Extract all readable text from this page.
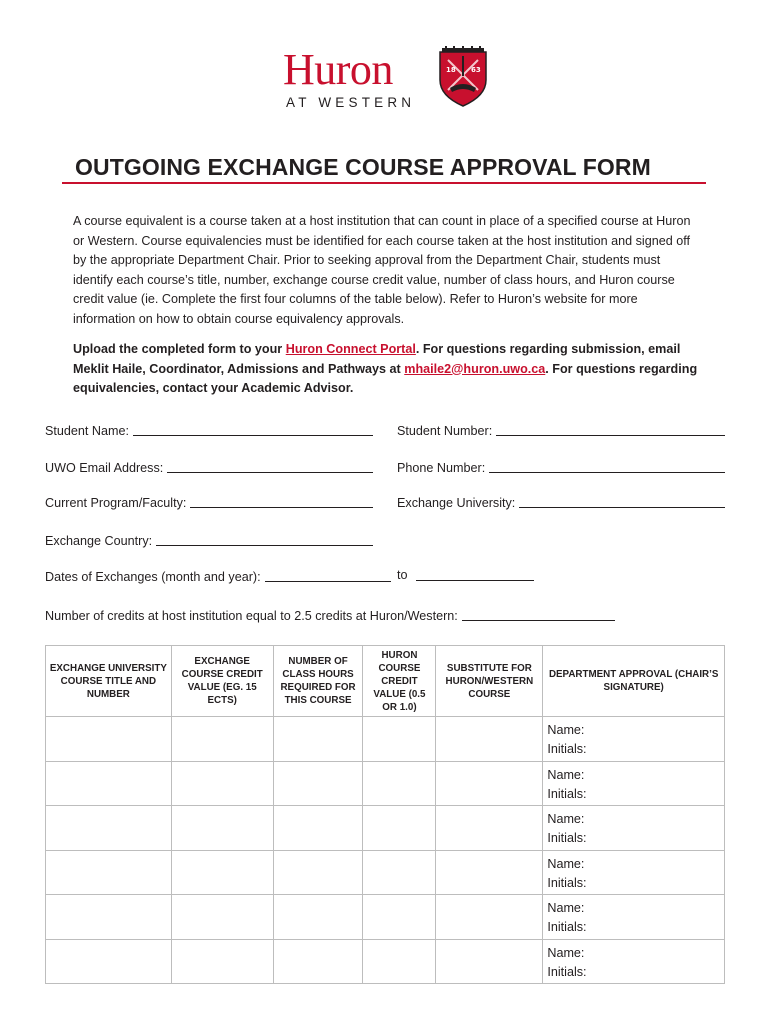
Huron
AT WESTERN
18 63
OUTGOING EXCHANGE COURSE APPROVAL FORM

A course equivalent is a course taken at a host institution that can count in place of a specified course at Huron or Western. Course equivalencies must be identified for each course taken at the host institution and signed off by the appropriate Department Chair. Prior to seeking approval from the Department Chair, students must identify each course’s title, number, exchange course credit value, number of class hours, and Huron course credit value (ie. Complete the first four columns of the table below). Refer to Huron’s website for more information on how to obtain course equivalency approvals.

Upload the completed form to your Huron Connect Portal. For questions regarding submission, email Meklit Haile, Coordinator, Admissions and Pathways at mhaile2@huron.uwo.ca. For questions regarding equivalencies, contact your Academic Advisor.

Student Name:	Student Number:
UWO Email Address:	Phone Number:
Current Program/Faculty:	Exchange University:
Exchange Country:
Dates of Exchanges (month and year):	to
Number of credits at host institution equal to 2.5 credits at Huron/Western:
EXCHANGE UNIVERSITY COURSE TITLE AND NUMBER	EXCHANGE COURSE CREDIT VALUE (EG. 15 ECTS)	NUMBER OF CLASS HOURS REQUIRED FOR THIS COURSE	HURON COURSE CREDIT VALUE (0.5 OR 1.0)	SUBSTITUTE FOR HURON/WESTERN COURSE	DEPARTMENT APPROVAL (CHAIR’S SIGNATURE)

					Name:
Initials:

					Name:
Initials:

					Name:
Initials:

					Name:
Initials:

					Name:
Initials:

					Name:
Initials:
